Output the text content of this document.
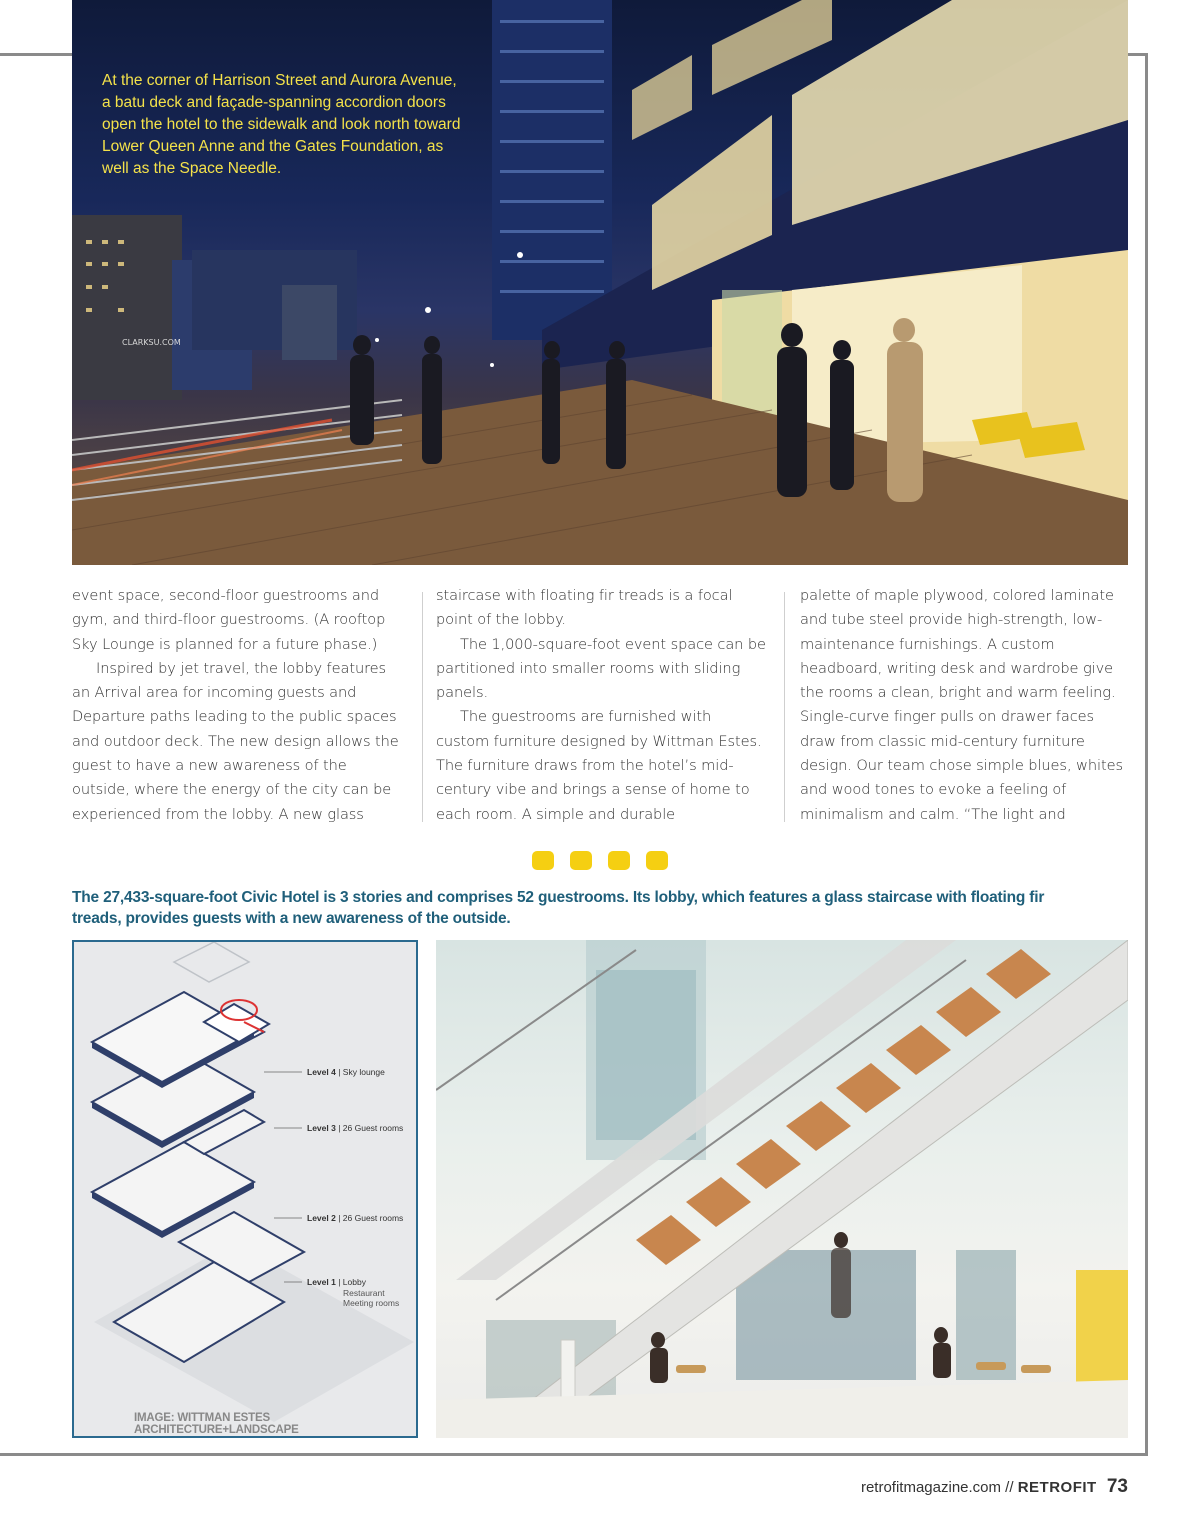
CLARKSU.COM
At the corner of Harrison Street and Aurora Avenue, a batu deck and façade-spanning accordion doors open the hotel to the sidewalk and look north toward Lower Queen Anne and the Gates Foundation, as well as the Space Needle.

event space, second-floor guestrooms and gym, and third-floor guestrooms. (A rooftop Sky Lounge is planned for a future phase.)

Inspired by jet travel, the lobby features an Arrival area for incoming guests and Departure paths leading to the public spaces and outdoor deck. The new design allows the guest to have a new awareness of the outside, where the energy of the city can be experienced from the lobby. A new glass

staircase with floating fir treads is a focal point of the lobby.

The 1,000-square-foot event space can be partitioned into smaller rooms with sliding panels.

The guestrooms are furnished with custom furniture designed by Wittman Estes. The furniture draws from the hotel’s mid-century vibe and brings a sense of home to each room. A simple and durable

palette of maple plywood, colored laminate and tube steel provide high-strength, low-maintenance furnishings. A custom headboard, writing desk and wardrobe give the rooms a clean, bright and warm feeling. Single-curve finger pulls on drawer faces draw from classic mid-century furniture design. Our team chose simple blues, whites and wood tones to evoke a feeling of minimalism and calm. “The light and

The 27,433-square-foot Civic Hotel is 3 stories and comprises 52 guestrooms. Its lobby, which features a glass staircase with floating fir treads, provides guests with a new awareness of the outside.
Level 4 | Sky lounge
Level 3 | 26 Guest rooms
Level 2 | 26 Guest rooms
Level 1 | Lobby
Restaurant
Meeting rooms
IMAGE: WITTMAN ESTES ARCHITECTURE+LANDSCAPE
retrofitmagazine.com // RETROFIT 73
